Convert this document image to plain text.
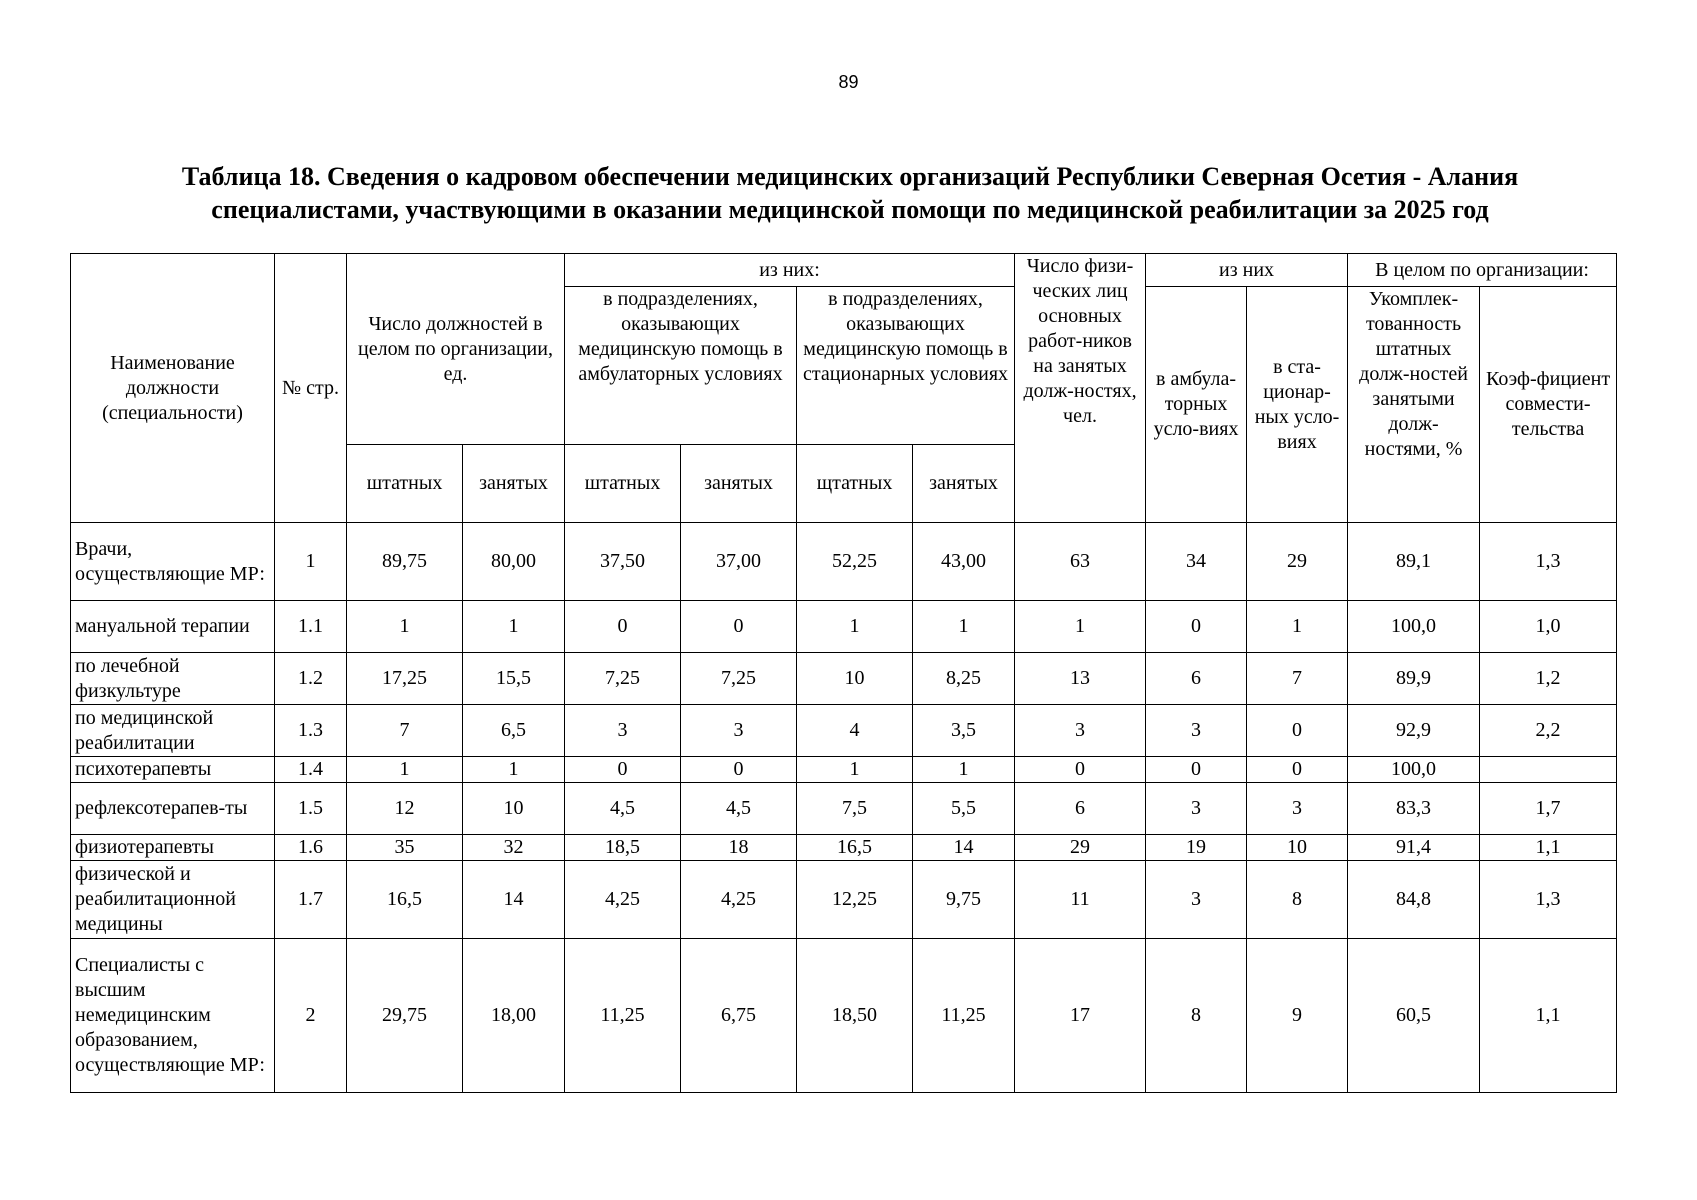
89
Таблица 18. Сведения о кадровом обеспечении медицинских организаций Республики Северная Осетия - Алания
специалистами, участвующими в оказании медицинской помощи по медицинской реабилитации за 2025 год
Наименование должности (специальности)	№ стр.	Число должностей в целом по организации, ед.		из них:				Число физи-ческих лиц основных работ-ников на занятых долж-ностях, чел.	из них		В целом по организации:	
				в подразделениях, оказывающих медицинскую помощь в амбулаторных условиях		в подразделениях, оказывающих медицинскую помощь в стационарных условиях			в амбула-торных усло-виях	в ста-ционар-ных усло-виях	Укомплек-тованность штатных долж-ностей занятыми долж-ностями, %	Коэф-фициент совмести-тельства
		штатных	занятых	штатных	занятых	щтатных	занятых					
Врачи, осуществляющие МР:	1	89,75	80,00	37,50	37,00	52,25	43,00	63	34	29	89,1	1,3
мануальной терапии	1.1	1	1	0	0	1	1	1	0	1	100,0	1,0
по лечебной физкультуре	1.2	17,25	15,5	7,25	7,25	10	8,25	13	6	7	89,9	1,2
по медицинской реабилитации	1.3	7	6,5	3	3	4	3,5	3	3	0	92,9	2,2
психотерапевты	1.4	1	1	0	0	1	1	0	0	0	100,0	
рефлексотерапев-ты	1.5	12	10	4,5	4,5	7,5	5,5	6	3	3	83,3	1,7
физиотерапевты	1.6	35	32	18,5	18	16,5	14	29	19	10	91,4	1,1
физической и реабилитационной медицины	1.7	16,5	14	4,25	4,25	12,25	9,75	11	3	8	84,8	1,3
Специалисты с высшим немедицинским образованием, осуществляющие МР:	2	29,75	18,00	11,25	6,75	18,50	11,25	17	8	9	60,5	1,1
